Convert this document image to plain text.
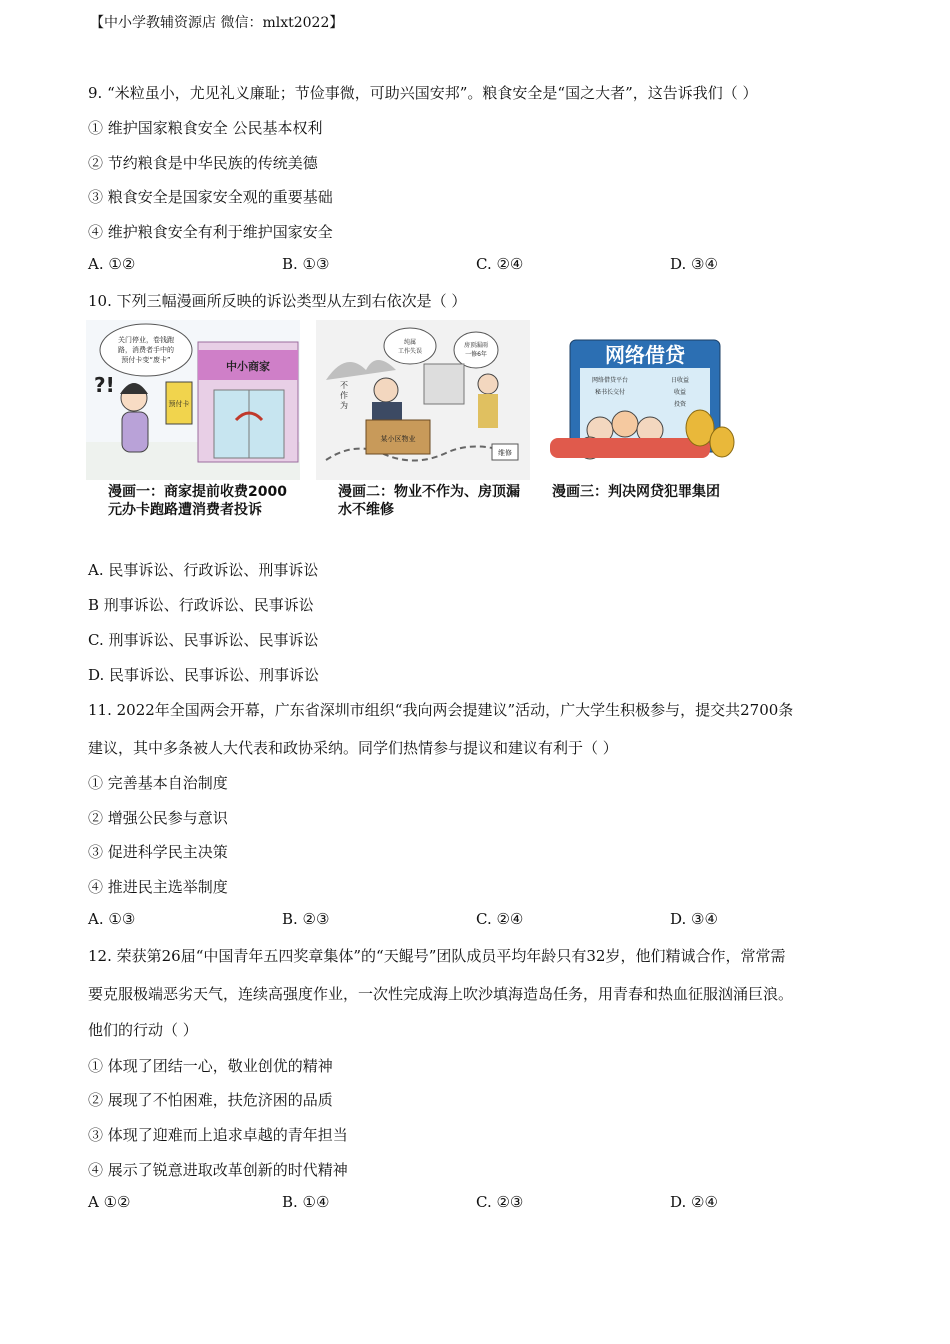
【中小学教辅资源店 微信：mlxt2022】
9. “米粒虽小，尤见礼义廉耻；节俭事微，可助兴国安邦”。粮食安全是“国之大者”，这告诉我们（ ）
① 维护国家粮食安全 公民基本权利
② 节约粮食是中华民族的传统美德
③ 粮食安全是国家安全观的重要基础
④ 维护粮食安全有利于维护国家安全
A. ①②	B. ①③	C. ②④	D. ③④
10. 下列三幅漫画所反映的诉讼类型从左到右依次是（ ）
中小商家
关门停业，卷钱跑
路，消费者手中的
预付卡变“废卡”
?!
预付卡
漫画一：商家提前收费2000元办卡跑路遭消费者投诉
不
作
为
纯属
工作失误
房顶漏雨
一修6年
某小区物业
维修
漫画二：物业不作为、房顶漏水不维修
网络借贷
网络借贷平台	日收益
秘书长交付	收益
投资
漫画三：判决网贷犯罪集团
A. 民事诉讼、行政诉讼、刑事诉讼
B 刑事诉讼、行政诉讼、民事诉讼
C. 刑事诉讼、民事诉讼、民事诉讼
D. 民事诉讼、民事诉讼、刑事诉讼
11. 2022年全国两会开幕，广东省深圳市组织“我向两会提建议”活动，广大学生积极参与，提交共2700条
建议，其中多条被人大代表和政协采纳。同学们热情参与提议和建议有利于（ ）
① 完善基本自治制度
② 增强公民参与意识
③ 促进科学民主决策
④ 推进民主选举制度
A. ①③	B. ②③	C. ②④	D. ③④
12. 荣获第26届“中国青年五四奖章集体”的“天鲲号”团队成员平均年龄只有32岁，他们精诚合作，常常需
要克服极端恶劣天气，连续高强度作业，一次性完成海上吹沙填海造岛任务，用青春和热血征服汹涌巨浪。
他们的行动（ ）
① 体现了团结一心，敬业创优的精神
② 展现了不怕困难，扶危济困的品质
③ 体现了迎难而上追求卓越的青年担当
④ 展示了锐意进取改革创新的时代精神
A ①②	B. ①④	C. ②③	D. ②④
